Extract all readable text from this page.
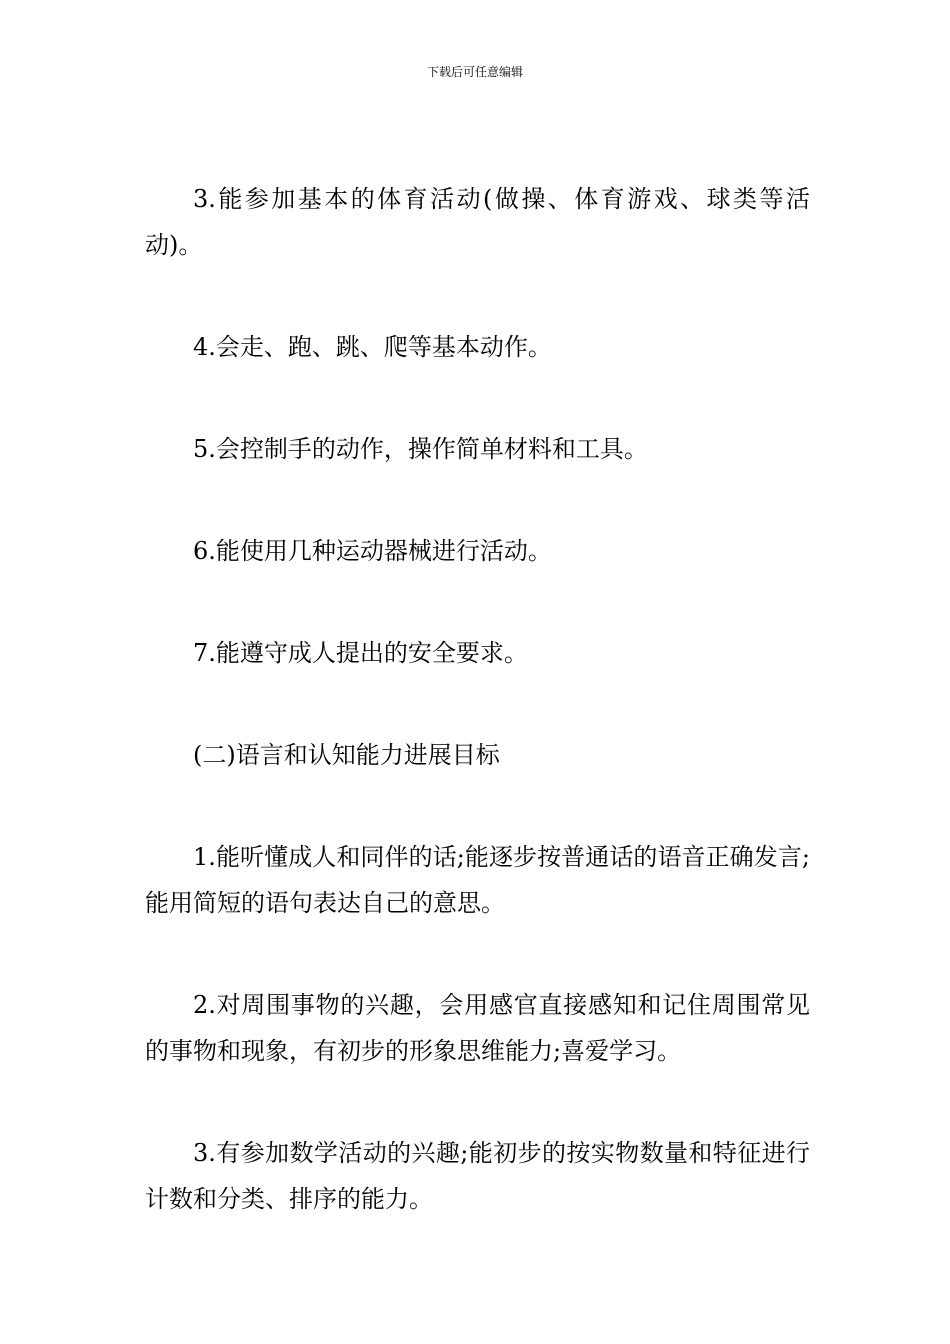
下载后可任意编辑

3.能参加基本的体育活动(做操、体育游戏、球类等活动)。

4.会走、跑、跳、爬等基本动作。

5.会控制手的动作，操作简单材料和工具。

6.能使用几种运动器械进行活动。

7.能遵守成人提出的安全要求。

(二)语言和认知能力进展目标

1.能听懂成人和同伴的话;能逐步按普通话的语音正确发言;能用简短的语句表达自己的意思。

2.对周围事物的兴趣，会用感官直接感知和记住周围常见的事物和现象，有初步的形象思维能力;喜爱学习。

3.有参加数学活动的兴趣;能初步的按实物数量和特征进行计数和分类、排序的能力。
